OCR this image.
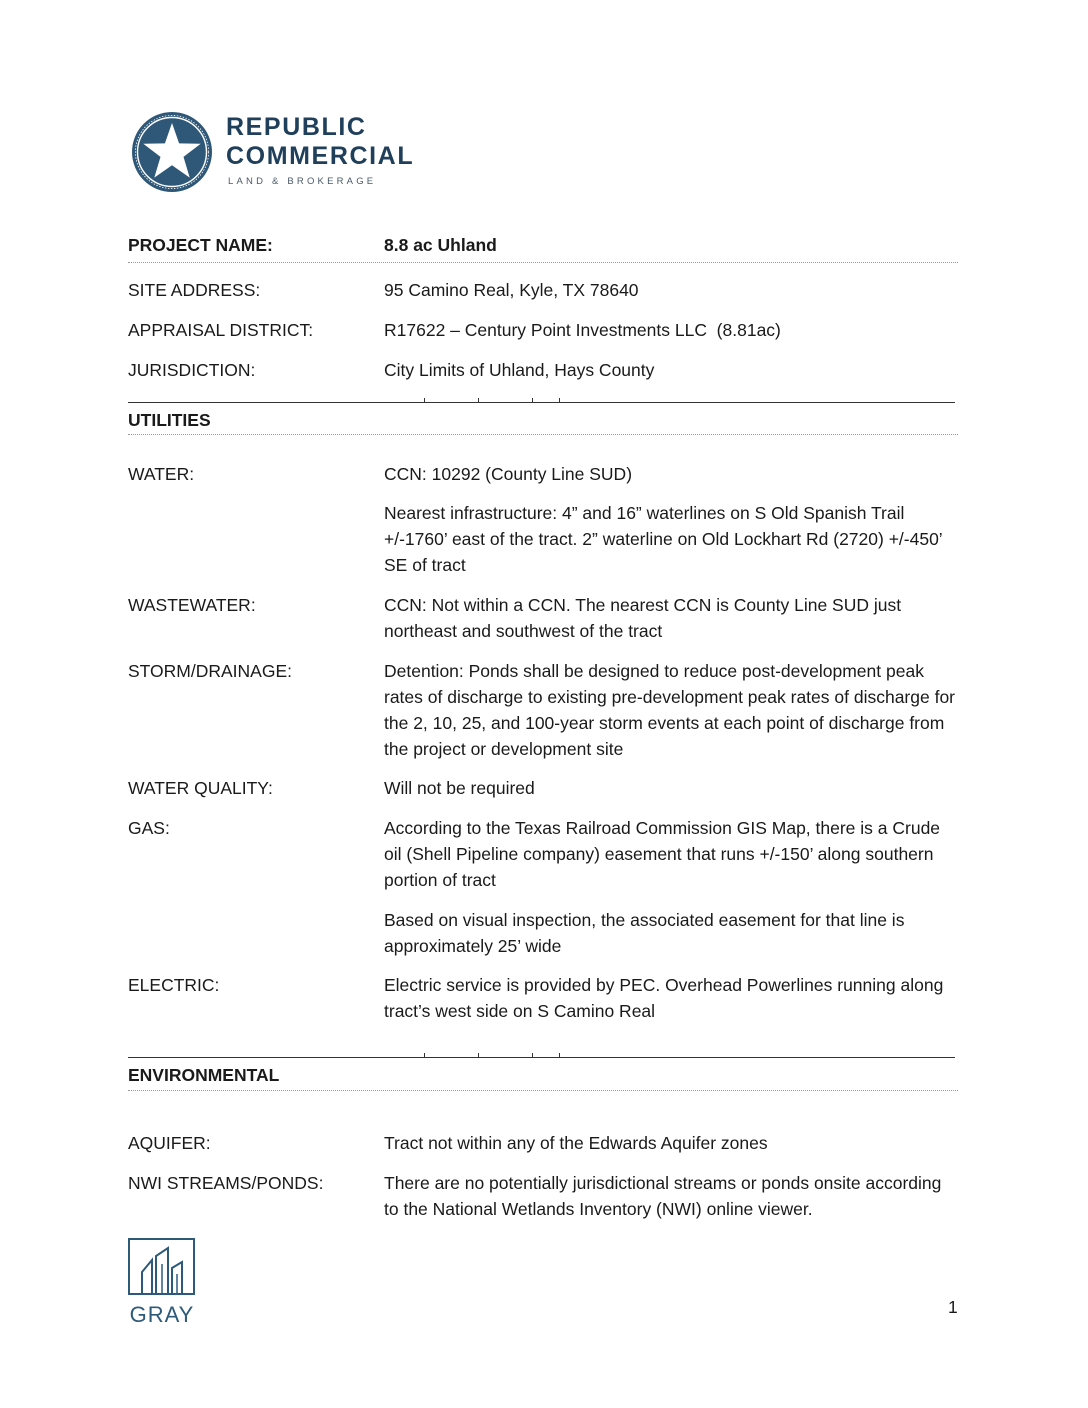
REPUBLIC
COMMERCIAL
LAND & BROKERAGE
PROJECT NAME:	8.8 ac Uhland
SITE ADDRESS:	95 Camino Real, Kyle, TX 78640
APPRAISAL DISTRICT:	R17622 – Century Point Investments LLC  (8.81ac)
JURISDICTION:	City Limits of Uhland, Hays County
UTILITIES
WATER:	CCN: 10292 (County Line SUD)
Nearest infrastructure: 4” and 16” waterlines on S Old Spanish Trail +/-1760’ east of the tract. 2” waterline on Old Lockhart Rd (2720) +/-450’ SE of tract
WASTEWATER:	CCN: Not within a CCN. The nearest CCN is County Line SUD just northeast and southwest of the tract
STORM/DRAINAGE:	Detention: Ponds shall be designed to reduce post-development peak rates of discharge to existing pre-development peak rates of discharge for the 2, 10, 25, and 100-year storm events at each point of discharge from the project or development site
WATER QUALITY:	Will not be required
GAS:	According to the Texas Railroad Commission GIS Map, there is a Crude oil (Shell Pipeline company) easement that runs +/-150’ along southern portion of tract
Based on visual inspection, the associated easement for that line is approximately 25’ wide
ELECTRIC:	Electric service is provided by PEC. Overhead Powerlines running along tract’s west side on S Camino Real
ENVIRONMENTAL
AQUIFER:	Tract not within any of the Edwards Aquifer zones
NWI STREAMS/PONDS:	There are no potentially jurisdictional streams or ponds onsite according to the National Wetlands Inventory (NWI) online viewer.
GRAY	1
